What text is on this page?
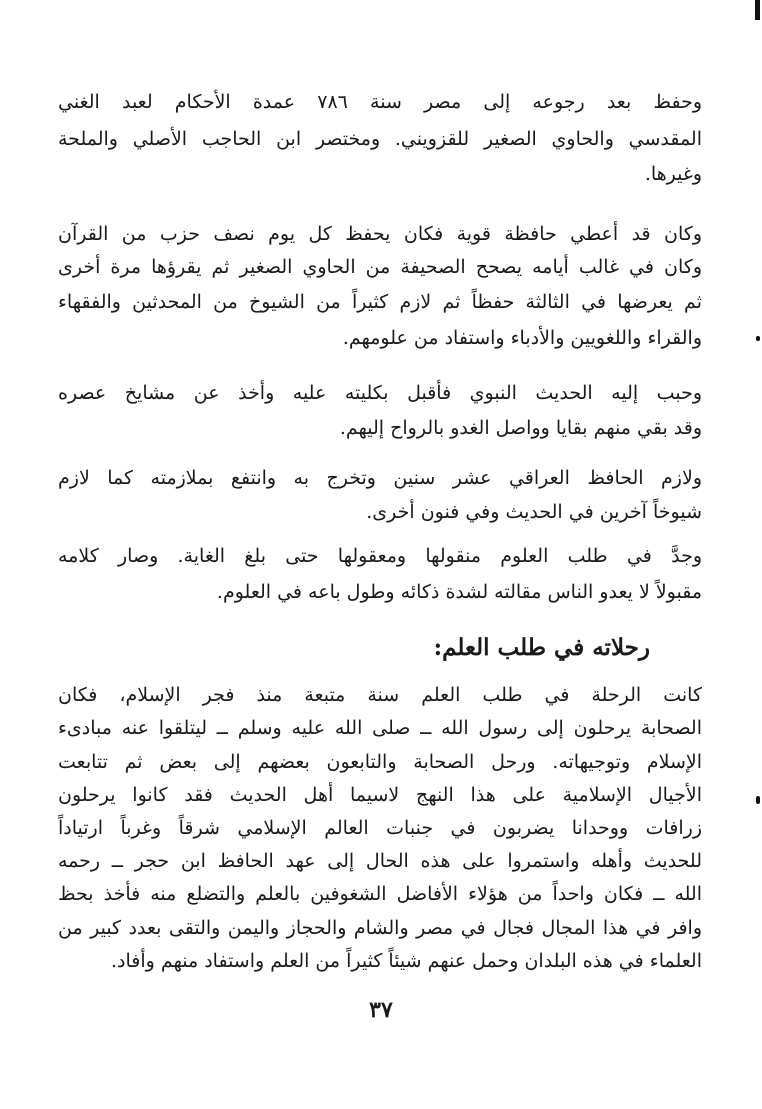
وحفظ بعد رجوعه إلى مصر سنة ٧٨٦ عمدة الأحكام لعبد الغني
المقدسي والحاوي الصغير للقزويني. ومختصر ابن الحاجب الأصلي والملحة
وغيرها.
وكان قد أعطي حافظة قوية فكان يحفظ كل يوم نصف حزب من القرآن
وكان في غالب أيامه يصحح الصحيفة من الحاوي الصغير ثم يقرؤها مرة أخرى
ثم يعرضها في الثالثة حفظاً ثم لازم كثيراً من الشيوخ من المحدثين والفقهاء
والقراء واللغويين والأدباء واستفاد من علومهم.
وحبب إليه الحديث النبوي فأقبل بكليته عليه وأخذ عن مشايخ عصره
وقد بقي منهم بقايا وواصل الغدو بالرواح إليهم.
ولازم الحافظ العراقي عشر سنين وتخرج به وانتفع بملازمته كما لازم
شيوخاً آخرين في الحديث وفي فنون أخرى.
وجدَّ في طلب العلوم منقولها ومعقولها حتى بلغ الغاية. وصار كلامه
مقبولاً لا يعدو الناس مقالته لشدة ذكائه وطول باعه في العلوم.
رحلاته في طلب العلم:
كانت الرحلة في طلب العلم سنة متبعة منذ فجر الإسلام، فكان
الصحابة يرحلون إلى رسول الله ــ صلى الله عليه وسلم ــ ليتلقوا عنه مبادىء
الإسلام وتوجيهاته. ورحل الصحابة والتابعون بعضهم إلى بعض ثم تتابعت
الأجيال الإسلامية على هذا النهج لاسيما أهل الحديث فقد كانوا يرحلون
زرافات ووحدانا يضربون في جنبات العالم الإسلامي شرقاً وغرباً ارتياداً
للحديث وأهله واستمروا على هذه الحال إلى عهد الحافظ ابن حجر ــ رحمه
الله ــ فكان واحداً من هؤلاء الأفاضل الشغوفين بالعلم والتضلع منه فأخذ بحظ
وافر في هذا المجال فجال في مصر والشام والحجاز واليمن والتقى بعدد كبير من
العلماء في هذه البلدان وحمل عنهم شيئاً كثيراً من العلم واستفاد منهم وأفاد.
٣٧
